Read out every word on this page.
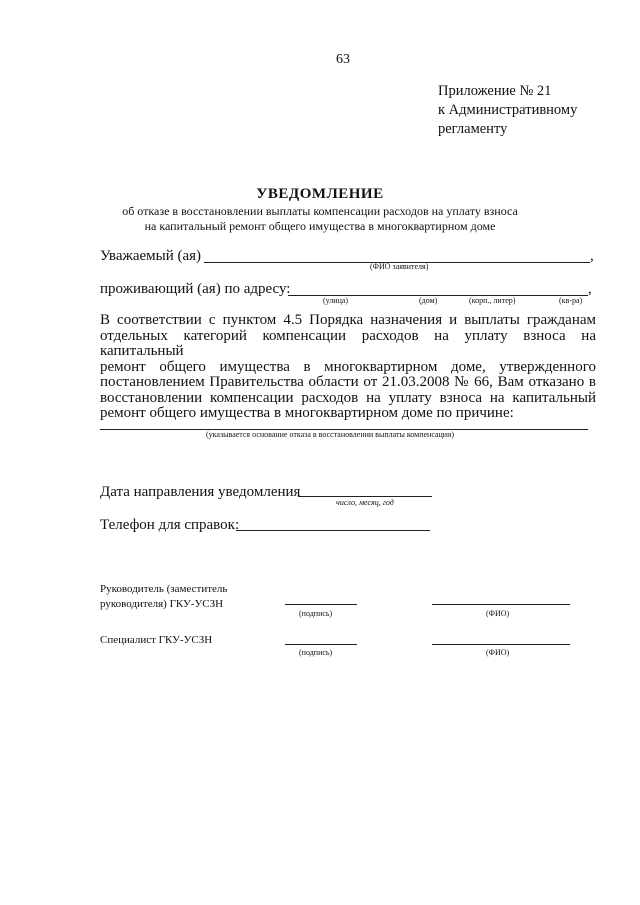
63
Приложение № 21
к Административному
регламенту
УВЕДОМЛЕНИЕ
об отказе в восстановлении выплаты компенсации расходов на уплату взноса
на капитальный ремонт общего имущества в многоквартирном доме
Уважаемый (ая)	,
(ФИО заявителя)
проживающий (ая) по адресу:	,
(улица)	(дом)	(корп., литер)	(кв-ра)
В соответствии с пунктом 4.5 Порядка назначения и выплаты гражданам
отдельных категорий компенсации расходов на уплату взноса на капитальный
ремонт общего имущества в многоквартирном доме, утвержденного
постановлением Правительства области от 21.03.2008 № 66, Вам отказано в
восстановлении компенсации расходов на уплату взноса на капитальный
ремонт общего имущества в многоквартирном доме по причине:
(указывается основание отказа в восстановлении выплаты компенсации)
Дата направления уведомления
число, месяц, год
Телефон для справок:
Руководитель (заместитель
руководителя) ГКУ-УСЗН
(подпись)	(ФИО)
Специалист ГКУ-УСЗН
(подпись)	(ФИО)
